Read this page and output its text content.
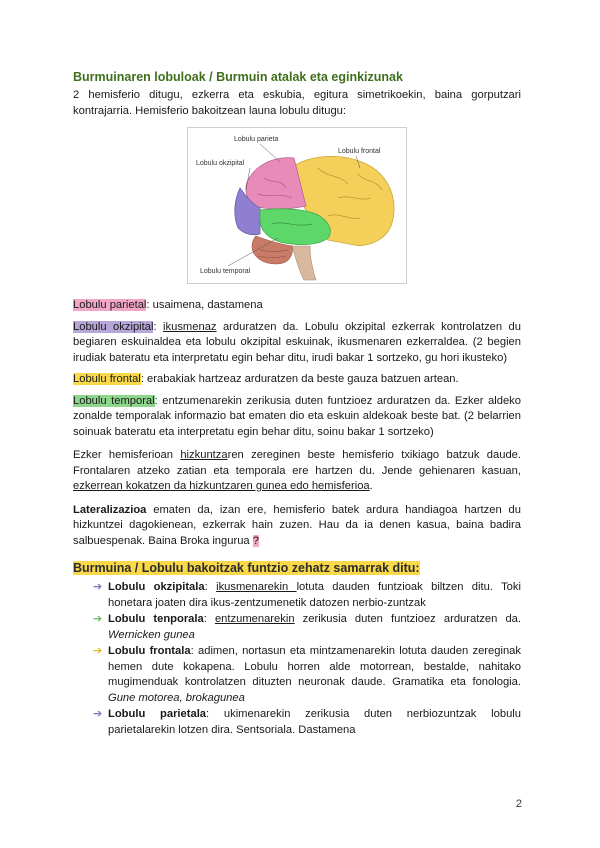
Burmuinaren lobuloak / Burmuin atalak eta eginkizunak

2 hemisferio ditugu, ezkerra eta eskubia, egitura simetrikoekin, baina gorputzari kontrajarria. Hemisferio bakoitzean launa lobulu ditugu:

Lobulu parieta
Lobulu okzipital
Lobulu frontal
Lobulu temporal

Lobulu parietal: usaimena, dastamena

Lobulu okzipital: ikusmenaz arduratzen da. Lobulu okzipital ezkerrak kontrolatzen du begiaren eskuinaldea eta lobulu okzipital eskuinak, ikusmenaren ezkerraldea. (2 begien irudiak bateratu eta interpretatu egin behar ditu, irudi bakar 1 sortzeko, gu hori ikusteko)

Lobulu frontal: erabakiak hartzeaz arduratzen da beste gauza batzuen artean.

Lobulu temporal: entzumenarekin zerikusia duten funtzioez arduratzen da. Ezker aldeko zonalde temporalak informazio bat ematen dio eta eskuin aldekoak beste bat. (2 belarrien soinuak bateratu eta interpretatu egin behar ditu, soinu bakar 1 sortzeko)

Ezker hemisferioan hizkuntzaren zereginen beste hemisferio txikiago batzuk daude. Frontalaren atzeko zatian eta temporala ere hartzen du. Jende gehienaren kasuan, ezkerrean kokatzen da hizkuntzaren gunea edo hemisferioa.

Lateralizazioa ematen da, izan ere, hemisferio batek ardura handiagoa hartzen du hizkuntzei dagokienean, ezkerrak hain zuzen. Hau da ia denen kasua, baina badira salbuespenak. Baina Broka ingurua ?

Burmuina / Lobulu bakoitzak funtzio zehatz samarrak ditu:
➔ Lobulu okzipitala: ikusmenarekin lotuta dauden funtzioak biltzen ditu. Toki honetara joaten dira ikus-zentzumenetik datozen nerbio-zuntzak
➔ Lobulu tenporala: entzumenarekin zerikusia duten funtzioez arduratzen da. Wernicken gunea
➔ Lobulu frontala: adimen, nortasun eta mintzamenarekin lotuta dauden zereginak hemen dute kokapena. Lobulu horren alde motorrean, bestalde, nahitako mugimenduak kontrolatzen dituzten neuronak daude. Gramatika eta fonologia. Gune motorea, brokagunea
➔ Lobulu parietala: ukimenarekin zerikusia duten nerbiozuntzak lobulu parietalarekin lotzen dira. Sentsoriala. Dastamena
2
